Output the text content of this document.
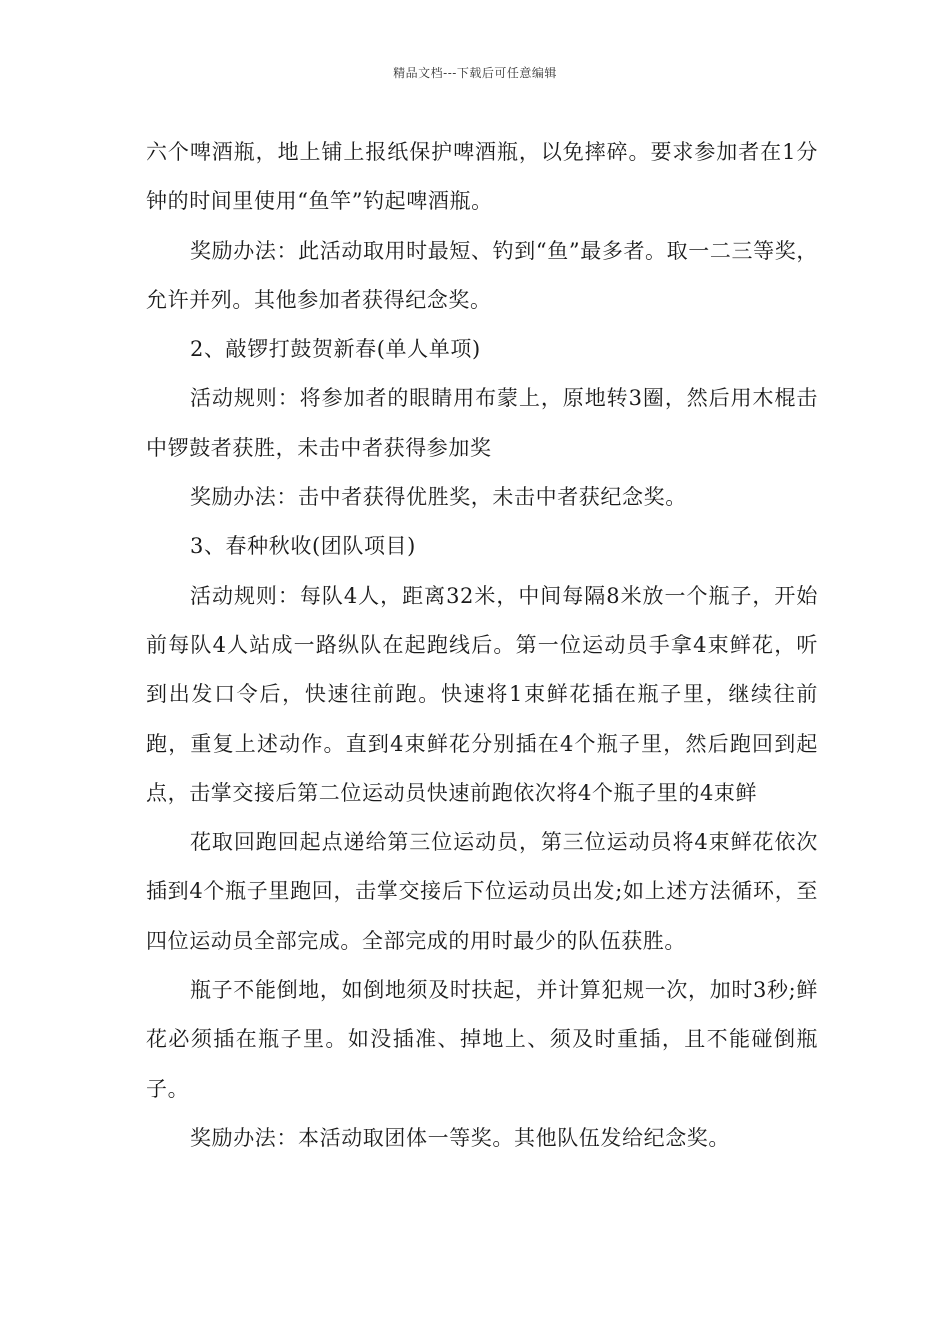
精品文档---下载后可任意编辑

六个啤酒瓶，地上铺上报纸保护啤酒瓶，以免摔碎。要求参加者在1分钟的时间里使用“鱼竿”钓起啤酒瓶。

奖励办法：此活动取用时最短、钓到“鱼”最多者。取一二三等奖，允许并列。其他参加者获得纪念奖。

2、敲锣打鼓贺新春(单人单项)

活动规则：将参加者的眼睛用布蒙上，原地转3圈，然后用木棍击中锣鼓者获胜，未击中者获得参加奖

奖励办法：击中者获得优胜奖，未击中者获纪念奖。

3、春种秋收(团队项目)

活动规则：每队4人，距离32米，中间每隔8米放一个瓶子，开始前每队4人站成一路纵队在起跑线后。第一位运动员手拿4束鲜花，听到出发口令后，快速往前跑。快速将1束鲜花插在瓶子里，继续往前跑，重复上述动作。直到4束鲜花分别插在4个瓶子里，然后跑回到起点，击掌交接后第二位运动员快速前跑依次将4个瓶子里的4束鲜

花取回跑回起点递给第三位运动员，第三位运动员将4束鲜花依次插到4个瓶子里跑回，击掌交接后下位运动员出发;如上述方法循环，至四位运动员全部完成。全部完成的用时最少的队伍获胜。

瓶子不能倒地，如倒地须及时扶起，并计算犯规一次，加时3秒;鲜花必须插在瓶子里。如没插准、掉地上、须及时重插，且不能碰倒瓶子。

奖励办法：本活动取团体一等奖。其他队伍发给纪念奖。
